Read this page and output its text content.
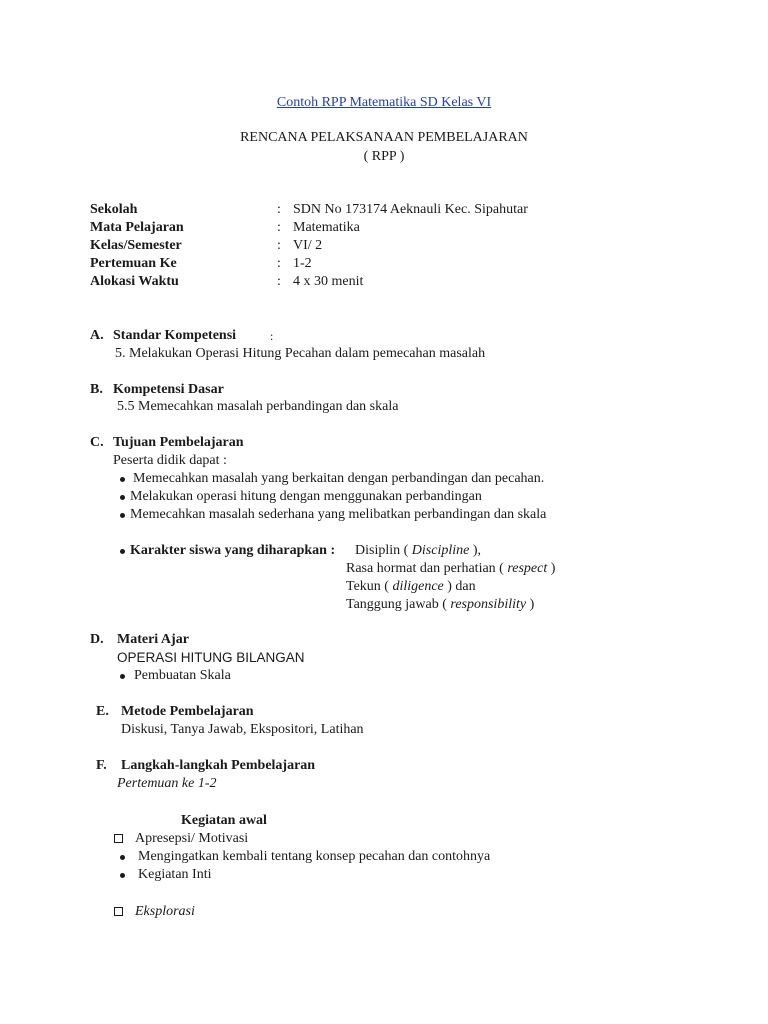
Contoh RPP Matematika SD Kelas VI
RENCANA PELAKSANAAN PEMBELAJARAN
( RPP )
Sekolah	: SDN No 173174 Aeknauli Kec. Sipahutar
Mata Pelajaran	: Matematika
Kelas/Semester	: VI/ 2
Pertemuan Ke	: 1-2
Alokasi Waktu	: 4 x 30 menit
A. Standar Kompetensi	:
5. Melakukan Operasi Hitung Pecahan dalam pemecahan masalah
B. Kompetensi Dasar
5.5 Memecahkan masalah perbandingan dan skala
C. Tujuan Pembelajaran
Peserta didik dapat :
Memecahkan masalah yang berkaitan dengan perbandingan dan pecahan.
Melakukan operasi hitung dengan menggunakan perbandingan
Memecahkan masalah sederhana yang melibatkan perbandingan dan skala
Karakter siswa yang diharapkan : Disiplin ( Discipline ),
Rasa hormat dan perhatian ( respect )
Tekun ( diligence ) dan
Tanggung jawab ( responsibility )
D. Materi Ajar
OPERASI HITUNG BILANGAN
Pembuatan Skala
E. Metode Pembelajaran
Diskusi, Tanya Jawab, Ekspositori, Latihan
F. Langkah-langkah Pembelajaran
Pertemuan ke 1-2
Kegiatan awal
Apresepsi/ Motivasi
Mengingatkan kembali tentang konsep pecahan dan contohnya
Kegiatan Inti
Eksplorasi
